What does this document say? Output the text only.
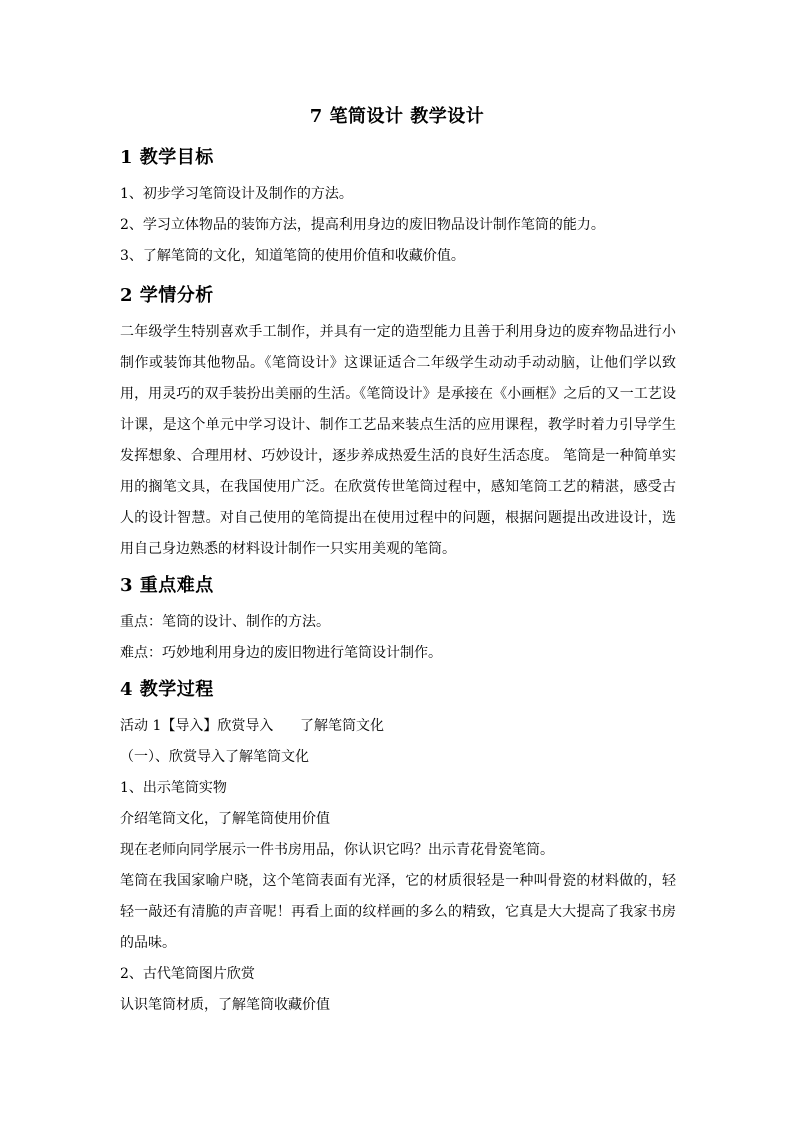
7 笔筒设计 教学设计
1 教学目标

1、初步学习笔筒设计及制作的方法。

2、学习立体物品的装饰方法，提高利用身边的废旧物品设计制作笔筒的能力。

3、了解笔筒的文化，知道笔筒的使用价值和收藏价值。

2 学情分析

二年级学生特别喜欢手工制作，并具有一定的造型能力且善于利用身边的废弃物品进行小制作或装饰其他物品。《笔筒设计》这课证适合二年级学生动动手动动脑，让他们学以致用，用灵巧的双手装扮出美丽的生活。《笔筒设计》是承接在《小画框》之后的又一工艺设计课，是这个单元中学习设计、制作工艺品来装点生活的应用课程，教学时着力引导学生发挥想象、合理用材、巧妙设计，逐步养成热爱生活的良好生活态度。 笔筒是一种简单实用的搁笔文具，在我国使用广泛。在欣赏传世笔筒过程中，感知笔筒工艺的精湛，感受古人的设计智慧。对自己使用的笔筒提出在使用过程中的问题，根据问题提出改进设计，选用自己身边熟悉的材料设计制作一只实用美观的笔筒。

3 重点难点

重点：笔筒的设计、制作的方法。

难点：巧妙地利用身边的废旧物进行笔筒设计制作。

4 教学过程

活动 1【导入】欣赏导入      了解笔筒文化

（一）、欣赏导入了解笔筒文化

1、出示笔筒实物

介绍笔筒文化，了解笔筒使用价值

现在老师向同学展示一件书房用品，你认识它吗？出示青花骨瓷笔筒。

笔筒在我国家喻户晓，这个笔筒表面有光泽，它的材质很轻是一种叫骨瓷的材料做的，轻轻一敲还有清脆的声音呢！再看上面的纹样画的多么的精致，它真是大大提高了我家书房的品味。

2、古代笔筒图片欣赏

认识笔筒材质，了解笔筒收藏价值
